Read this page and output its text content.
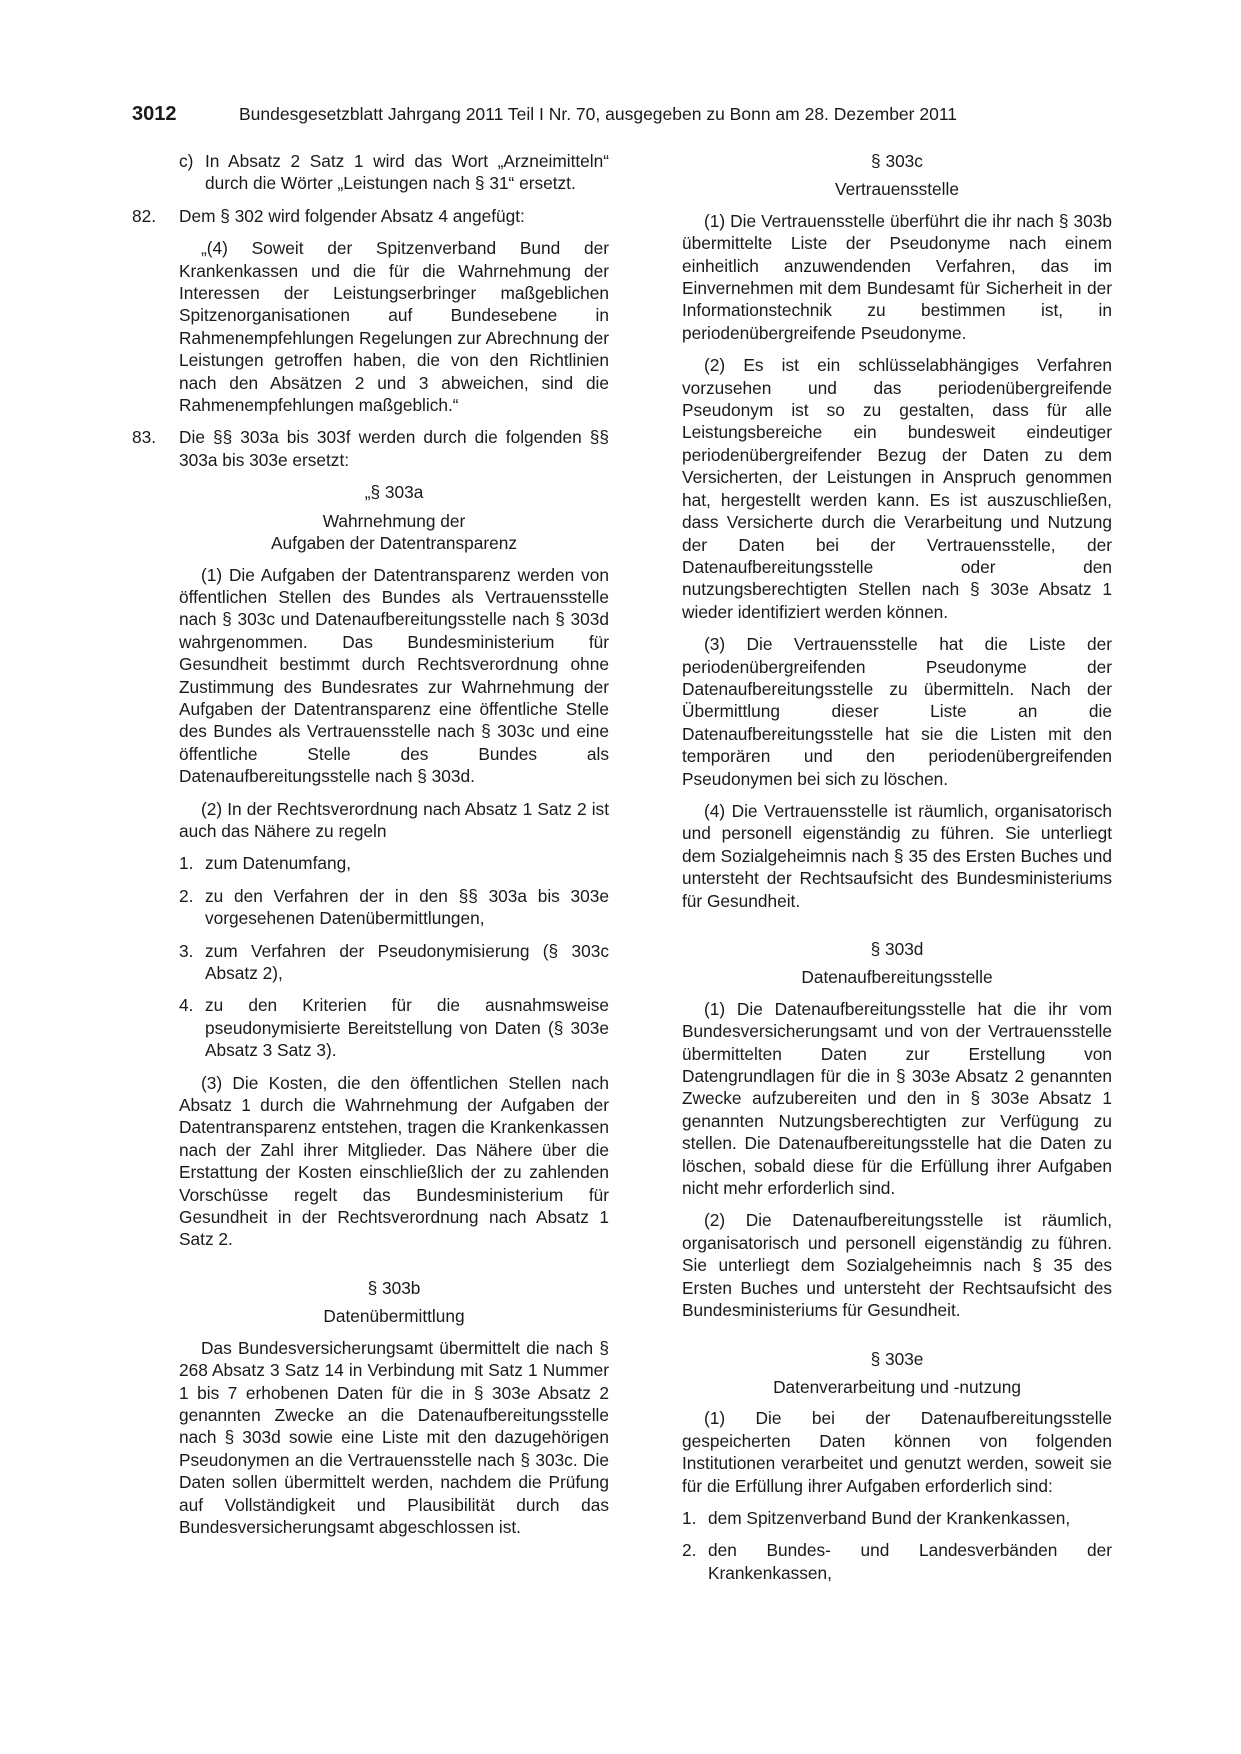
3012	Bundesgesetzblatt Jahrgang 2011 Teil I Nr. 70, ausgegeben zu Bonn am 28. Dezember 2011
c) In Absatz 2 Satz 1 wird das Wort „Arzneimitteln“ durch die Wörter „Leistungen nach § 31“ ersetzt.
82. Dem § 302 wird folgender Absatz 4 angefügt:

„(4) Soweit der Spitzenverband Bund der Krankenkassen und die für die Wahrnehmung der Interessen der Leistungserbringer maßgeblichen Spitzenorganisationen auf Bundesebene in Rahmenempfehlungen Regelungen zur Abrechnung der Leistungen getroffen haben, die von den Richtlinien nach den Absätzen 2 und 3 abweichen, sind die Rahmenempfehlungen maßgeblich.“

83. Die §§ 303a bis 303f werden durch die folgenden §§ 303a bis 303e ersetzt:
„§ 303a
Wahrnehmung der
Aufgaben der Datentransparenz

(1) Die Aufgaben der Datentransparenz werden von öffentlichen Stellen des Bundes als Vertrauensstelle nach § 303c und Datenaufbereitungsstelle nach § 303d wahrgenommen. Das Bundesministerium für Gesundheit bestimmt durch Rechtsverordnung ohne Zustimmung des Bundesrates zur Wahrnehmung der Aufgaben der Datentransparenz eine öffentliche Stelle des Bundes als Vertrauensstelle nach § 303c und eine öffentliche Stelle des Bundes als Datenaufbereitungsstelle nach § 303d.

(2) In der Rechtsverordnung nach Absatz 1 Satz 2 ist auch das Nähere zu regeln

1. zum Datenumfang,
2. zu den Verfahren der in den §§ 303a bis 303e vorgesehenen Datenübermittlungen,
3. zum Verfahren der Pseudonymisierung (§ 303c Absatz 2),
4. zu den Kriterien für die ausnahmsweise pseudonymisierte Bereitstellung von Daten (§ 303e Absatz 3 Satz 3).

(3) Die Kosten, die den öffentlichen Stellen nach Absatz 1 durch die Wahrnehmung der Aufgaben der Datentransparenz entstehen, tragen die Krankenkassen nach der Zahl ihrer Mitglieder. Das Nähere über die Erstattung der Kosten einschließlich der zu zahlenden Vorschüsse regelt das Bundesministerium für Gesundheit in der Rechtsverordnung nach Absatz 1 Satz 2.

§ 303b
Datenübermittlung

Das Bundesversicherungsamt übermittelt die nach § 268 Absatz 3 Satz 14 in Verbindung mit Satz 1 Nummer 1 bis 7 erhobenen Daten für die in § 303e Absatz 2 genannten Zwecke an die Datenaufbereitungsstelle nach § 303d sowie eine Liste mit den dazugehörigen Pseudonymen an die Vertrauensstelle nach § 303c. Die Daten sollen übermittelt werden, nachdem die Prüfung auf Vollständigkeit und Plausibilität durch das Bundesversicherungsamt abgeschlossen ist.

§ 303c
Vertrauensstelle

(1) Die Vertrauensstelle überführt die ihr nach § 303b übermittelte Liste der Pseudonyme nach einem einheitlich anzuwendenden Verfahren, das im Einvernehmen mit dem Bundesamt für Sicherheit in der Informationstechnik zu bestimmen ist, in periodenübergreifende Pseudonyme.

(2) Es ist ein schlüsselabhängiges Verfahren vorzusehen und das periodenübergreifende Pseudonym ist so zu gestalten, dass für alle Leistungsbereiche ein bundesweit eindeutiger periodenübergreifender Bezug der Daten zu dem Versicherten, der Leistungen in Anspruch genommen hat, hergestellt werden kann. Es ist auszuschließen, dass Versicherte durch die Verarbeitung und Nutzung der Daten bei der Vertrauensstelle, der Datenaufbereitungsstelle oder den nutzungsberechtigten Stellen nach § 303e Absatz 1 wieder identifiziert werden können.

(3) Die Vertrauensstelle hat die Liste der periodenübergreifenden Pseudonyme der Datenaufbereitungsstelle zu übermitteln. Nach der Übermittlung dieser Liste an die Datenaufbereitungsstelle hat sie die Listen mit den temporären und den periodenübergreifenden Pseudonymen bei sich zu löschen.

(4) Die Vertrauensstelle ist räumlich, organisatorisch und personell eigenständig zu führen. Sie unterliegt dem Sozialgeheimnis nach § 35 des Ersten Buches und untersteht der Rechtsaufsicht des Bundesministeriums für Gesundheit.

§ 303d
Datenaufbereitungsstelle

(1) Die Datenaufbereitungsstelle hat die ihr vom Bundesversicherungsamt und von der Vertrauensstelle übermittelten Daten zur Erstellung von Datengrundlagen für die in § 303e Absatz 2 genannten Zwecke aufzubereiten und den in § 303e Absatz 1 genannten Nutzungsberechtigten zur Verfügung zu stellen. Die Datenaufbereitungsstelle hat die Daten zu löschen, sobald diese für die Erfüllung ihrer Aufgaben nicht mehr erforderlich sind.

(2) Die Datenaufbereitungsstelle ist räumlich, organisatorisch und personell eigenständig zu führen. Sie unterliegt dem Sozialgeheimnis nach § 35 des Ersten Buches und untersteht der Rechtsaufsicht des Bundesministeriums für Gesundheit.

§ 303e
Datenverarbeitung und -nutzung

(1) Die bei der Datenaufbereitungsstelle gespeicherten Daten können von folgenden Institutionen verarbeitet und genutzt werden, soweit sie für die Erfüllung ihrer Aufgaben erforderlich sind:

1. dem Spitzenverband Bund der Krankenkassen,
2. den Bundes- und Landesverbänden der Krankenkassen,
